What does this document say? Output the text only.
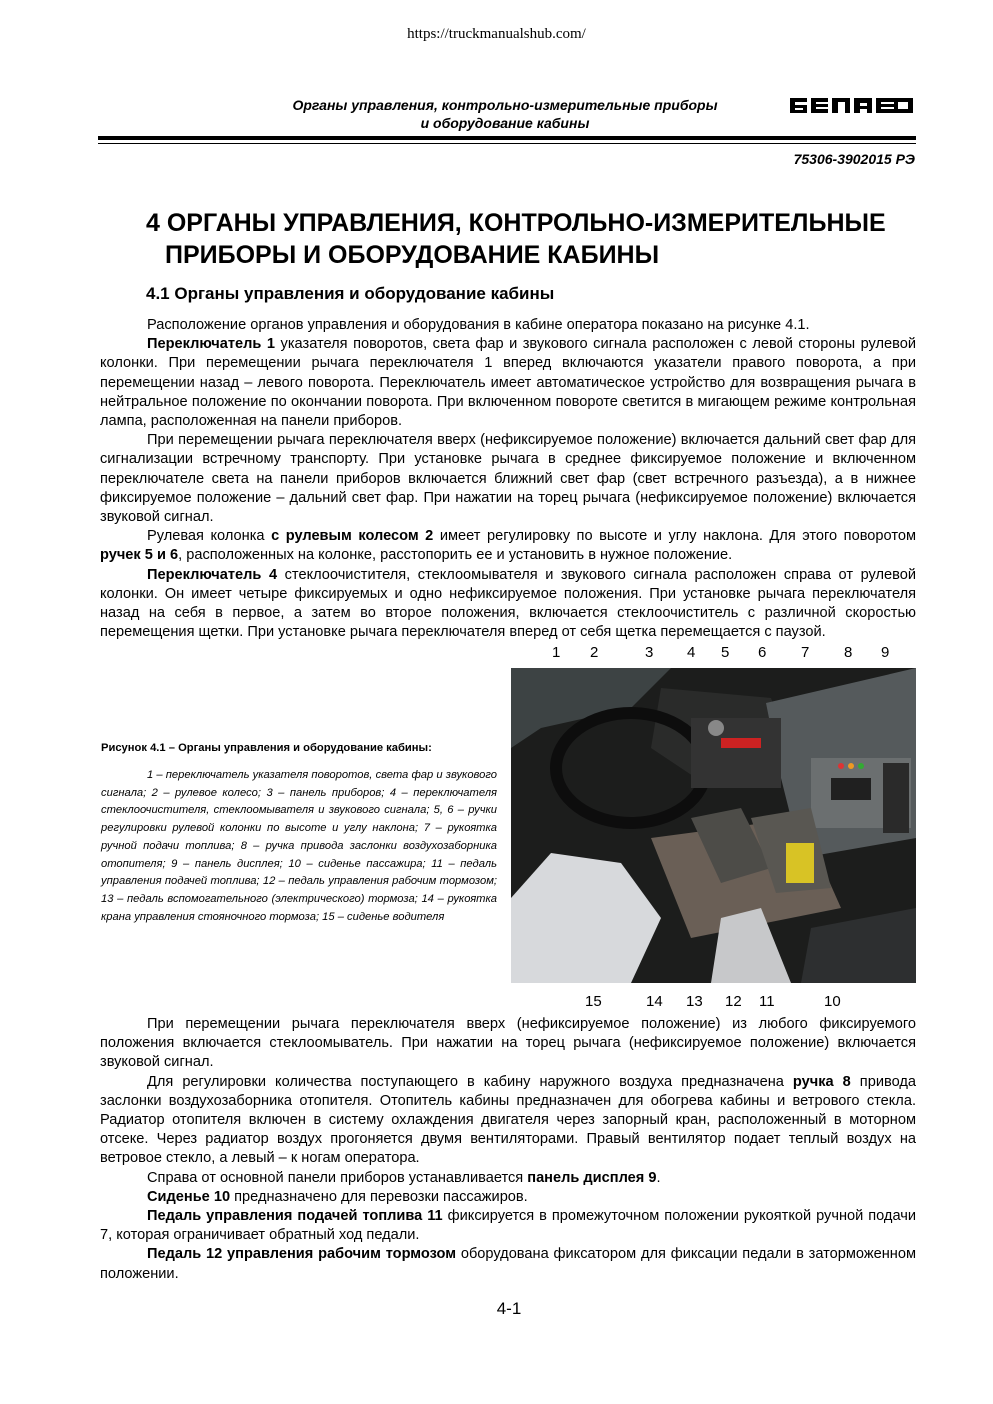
https://truckmanualshub.com/
Органы управления, контрольно-измерительные приборы
и оборудование кабины
75306-3902015 РЭ
4 ОРГАНЫ УПРАВЛЕНИЯ, КОНТРОЛЬНО-ИЗМЕРИТЕЛЬНЫЕ
ПРИБОРЫ И ОБОРУДОВАНИЕ КАБИНЫ
4.1 Органы управления и оборудование кабины

Расположение органов управления и оборудования в кабине оператора показано на рисунке 4.1.

Переключатель 1 указателя поворотов, света фар и звукового сигнала расположен с левой стороны рулевой колонки. При перемещении рычага переключателя 1 вперед включаются указатели правого поворота, а при перемещении назад – левого поворота. Переключатель имеет автоматическое устройство для возвращения рычага в нейтральное положение по окончании поворота. При включенном повороте светится в мигающем режиме контрольная лампа, расположенная на панели приборов.

При перемещении рычага переключателя вверх (нефиксируемое положение) включается дальний свет фар для сигнализации встречному транспорту. При установке рычага в среднее фиксируемое положение и включенном переключателе света на панели приборов включается ближний свет фар (свет встречного разъезда), а в нижнее фиксируемое положение – дальний свет фар. При нажатии на торец рычага (нефиксируемое положение) включается звуковой сигнал.

Рулевая колонка с рулевым колесом 2 имеет регулировку по высоте и углу наклона. Для этого поворотом ручек 5 и 6, расположенных на колонке, расстопорить ее и установить в нужное положение.

Переключатель 4 стеклоочистителя, стеклоомывателя и звукового сигнала расположен справа от рулевой колонки. Он имеет четыре фиксируемых и одно нефиксируемое положения. При установке рычага переключателя назад на себя в первое, а затем во второе положения, включается стеклоочиститель с различной скоростью перемещения щетки. При установке рычага переключателя вперед от себя щетка перемещается с паузой.

Рисунок 4.1 – Органы управления и оборудование кабины:
1 – переключатель указателя поворотов, света фар и звукового сигнала; 2 – рулевое колесо; 3 – панель приборов; 4 – переключателя стеклоочистителя, стеклоомывателя и звукового сигнала; 5, 6 – ручки регулировки рулевой колонки по высоте и углу наклона; 7 – рукоятка ручной подачи топлива; 8 – ручка привода заслонки воздухозаборника отопителя; 9 – панель дисплея; 10 – сиденье пассажира; 11 – педаль управления подачей топлива; 12 – педаль управления рабочим тормозом; 13 – педаль вспомогательного (электрического) тормоза; 14 – рукоятка крана управления стояночного тормоза; 15 – сиденье водителя
1 2	3 4 5 6 7 8 9
15	14 13 12 11	10

При перемещении рычага переключателя вверх (нефиксируемое положение) из любого фиксируемого положения включается стеклоомыватель. При нажатии на торец рычага (нефиксируемое положение) включается звуковой сигнал.

Для регулировки количества поступающего в кабину наружного воздуха предназначена ручка 8 привода заслонки воздухозаборника отопителя. Отопитель кабины предназначен для обогрева кабины и ветрового стекла. Радиатор отопителя включен в систему охлаждения двигателя через запорный кран, расположенный в моторном отсеке. Через радиатор воздух прогоняется двумя вентиляторами. Правый вентилятор подает теплый воздух на ветровое стекло, а левый – к ногам оператора.

Справа от основной панели приборов устанавливается панель дисплея 9.

Сиденье 10 предназначено для перевозки пассажиров.

Педаль управления подачей топлива 11 фиксируется в промежуточном положении рукояткой ручной подачи 7, которая ограничивает обратный ход педали.

Педаль 12 управления рабочим тормозом оборудована фиксатором для фиксации педали в заторможенном положении.

4-1
